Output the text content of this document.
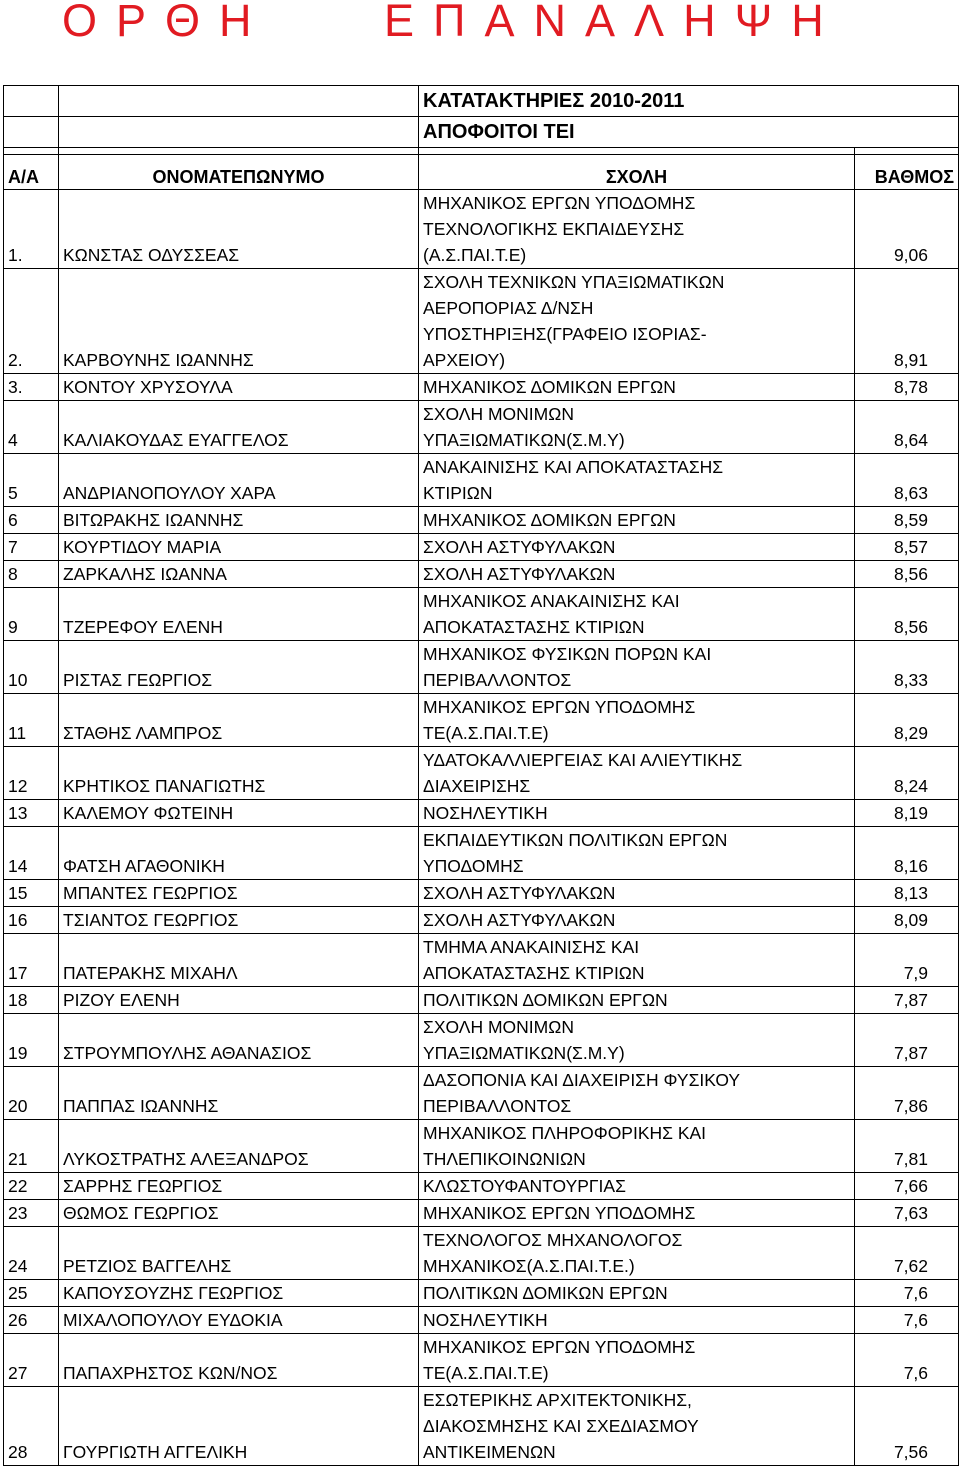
ΟΡΘΗ	ΕΠΑΝΑΛΗΨΗ
		ΚΑΤΑΤΑΚΤΗΡΙΕΣ 2010-2011	
		ΑΠΟΦΟΙΤΟΙ ΤΕΙ	

Α/Α	ΟΝΟΜΑΤΕΠΩΝΥΜΟ	ΣΧΟΛΗ	ΒΑΘΜΟΣ
1.	ΚΩΝΣΤΑΣ ΟΔΥΣΣΕΑΣ	ΜΗΧΑΝΙΚΟΣ ΕΡΓΩΝ ΥΠΟΔΟΜΗΣ
ΤΕΧΝΟΛΟΓΙΚΗΣ ΕΚΠΑΙΔΕΥΣΗΣ
(Α.Σ.ΠΑΙ.Τ.Ε)	9,06
2.	ΚΑΡΒΟΥΝΗΣ ΙΩΑΝΝΗΣ	ΣΧΟΛΗ ΤΕΧΝΙΚΩΝ ΥΠΑΞΙΩΜΑΤΙΚΩΝ
ΑΕΡΟΠΟΡΙΑΣ Δ/ΝΣΗ
ΥΠΟΣΤΗΡΙΞΗΣ(ΓΡΑΦΕΙΟ ΙΣΟΡΙΑΣ-
ΑΡΧΕΙΟΥ)	8,91
3.	ΚΟΝΤΟΥ ΧΡΥΣΟΥΛΑ	ΜΗΧΑΝΙΚΟΣ ΔΟΜΙΚΩΝ ΕΡΓΩΝ	8,78
4	ΚΑΛΙΑΚΟΥΔΑΣ ΕΥΑΓΓΕΛΟΣ	ΣΧΟΛΗ ΜΟΝΙΜΩΝ
ΥΠΑΞΙΩΜΑΤΙΚΩΝ(Σ.Μ.Υ)	8,64
5	ΑΝΔΡΙΑΝΟΠΟΥΛΟΥ ΧΑΡΑ	ΑΝΑΚΑΙΝΙΣΗΣ ΚΑΙ ΑΠΟΚΑΤΑΣΤΑΣΗΣ
ΚΤΙΡΙΩΝ	8,63
6	ΒΙΤΩΡΑΚΗΣ ΙΩΑΝΝΗΣ	ΜΗΧΑΝΙΚΟΣ ΔΟΜΙΚΩΝ ΕΡΓΩΝ	8,59
7	ΚΟΥΡΤΙΔΟΥ ΜΑΡΙΑ	ΣΧΟΛΗ ΑΣΤΥΦΥΛΑΚΩΝ	8,57
8	ΖΑΡΚΑΛΗΣ ΙΩΑΝΝΑ	ΣΧΟΛΗ ΑΣΤΥΦΥΛΑΚΩΝ	8,56
9	ΤΖΕΡΕΦΟΥ ΕΛΕΝΗ	ΜΗΧΑΝΙΚΟΣ ΑΝΑΚΑΙΝΙΣΗΣ ΚΑΙ
ΑΠΟΚΑΤΑΣΤΑΣΗΣ ΚΤΙΡΙΩΝ	8,56
10	ΡΙΣΤΑΣ ΓΕΩΡΓΙΟΣ	ΜΗΧΑΝΙΚΟΣ ΦΥΣΙΚΩΝ ΠΟΡΩΝ ΚΑΙ
ΠΕΡΙΒΑΛΛΟΝΤΟΣ	8,33
11	ΣΤΑΘΗΣ ΛΑΜΠΡΟΣ	ΜΗΧΑΝΙΚΟΣ ΕΡΓΩΝ ΥΠΟΔΟΜΗΣ
ΤΕ(Α.Σ.ΠΑΙ.Τ.Ε)	8,29
12	ΚΡΗΤΙΚΟΣ ΠΑΝΑΓΙΩΤΗΣ	ΥΔΑΤΟΚΑΛΛΙΕΡΓΕΙΑΣ ΚΑΙ ΑΛΙΕΥΤΙΚΗΣ
ΔΙΑΧΕΙΡΙΣΗΣ	8,24
13	ΚΑΛΕΜΟΥ ΦΩΤΕΙΝΗ	ΝΟΣΗΛΕΥΤΙΚΗ	8,19
14	ΦΑΤΣΗ ΑΓΑΘΟΝΙΚΗ	ΕΚΠΑΙΔΕΥΤΙΚΩΝ ΠΟΛΙΤΙΚΩΝ ΕΡΓΩΝ
ΥΠΟΔΟΜΗΣ	8,16
15	ΜΠΑΝΤΕΣ ΓΕΩΡΓΙΟΣ	ΣΧΟΛΗ ΑΣΤΥΦΥΛΑΚΩΝ	8,13
16	ΤΣΙΑΝΤΟΣ ΓΕΩΡΓΙΟΣ	ΣΧΟΛΗ ΑΣΤΥΦΥΛΑΚΩΝ	8,09
17	ΠΑΤΕΡΑΚΗΣ ΜΙΧΑΗΛ	ΤΜΗΜΑ ΑΝΑΚΑΙΝΙΣΗΣ ΚΑΙ
ΑΠΟΚΑΤΑΣΤΑΣΗΣ ΚΤΙΡΙΩΝ	7,9
18	ΡΙΖΟΥ ΕΛΕΝΗ	ΠΟΛΙΤΙΚΩΝ ΔΟΜΙΚΩΝ ΕΡΓΩΝ	7,87
19	ΣΤΡΟΥΜΠΟΥΛΗΣ ΑΘΑΝΑΣΙΟΣ	ΣΧΟΛΗ ΜΟΝΙΜΩΝ
ΥΠΑΞΙΩΜΑΤΙΚΩΝ(Σ.Μ.Υ)	7,87
20	ΠΑΠΠΑΣ ΙΩΑΝΝΗΣ	ΔΑΣΟΠΟΝΙΑ ΚΑΙ ΔΙΑΧΕΙΡΙΣΗ ΦΥΣΙΚΟΥ
ΠΕΡΙΒΑΛΛΟΝΤΟΣ	7,86
21	ΛΥΚΟΣΤΡΑΤΗΣ ΑΛΕΞΑΝΔΡΟΣ	ΜΗΧΑΝΙΚΟΣ ΠΛΗΡΟΦΟΡΙΚΗΣ ΚΑΙ
ΤΗΛΕΠΙΚΟΙΝΩΝΙΩΝ	7,81
22	ΣΑΡΡΗΣ ΓΕΩΡΓΙΟΣ	ΚΛΩΣΤΟΥΦΑΝΤΟΥΡΓΙΑΣ	7,66
23	ΘΩΜΟΣ ΓΕΩΡΓΙΟΣ	ΜΗΧΑΝΙΚΟΣ ΕΡΓΩΝ ΥΠΟΔΟΜΗΣ	7,63
24	ΡΕΤΖΙΟΣ ΒΑΓΓΕΛΗΣ	ΤΕΧΝΟΛΟΓΟΣ ΜΗΧΑΝΟΛΟΓΟΣ
ΜΗΧΑΝΙΚΟΣ(Α.Σ.ΠΑΙ.Τ.Ε.)	7,62
25	ΚΑΠΟΥΣΟΥΖΗΣ ΓΕΩΡΓΙΟΣ	ΠΟΛΙΤΙΚΩΝ ΔΟΜΙΚΩΝ ΕΡΓΩΝ	7,6
26	ΜΙΧΑΛΟΠΟΥΛΟΥ ΕΥΔΟΚΙΑ	ΝΟΣΗΛΕΥΤΙΚΗ	7,6
27	ΠΑΠΑΧΡΗΣΤΟΣ ΚΩΝ/ΝΟΣ	ΜΗΧΑΝΙΚΟΣ ΕΡΓΩΝ ΥΠΟΔΟΜΗΣ
ΤΕ(Α.Σ.ΠΑΙ.Τ.Ε)	7,6
28	ΓΟΥΡΓΙΩΤΗ ΑΓΓΕΛΙΚΗ	ΕΣΩΤΕΡΙΚΗΣ ΑΡΧΙΤΕΚΤΟΝΙΚΗΣ,
ΔΙΑΚΟΣΜΗΣΗΣ ΚΑΙ ΣΧΕΔΙΑΣΜΟΥ
ΑΝΤΙΚΕΙΜΕΝΩΝ	7,56
